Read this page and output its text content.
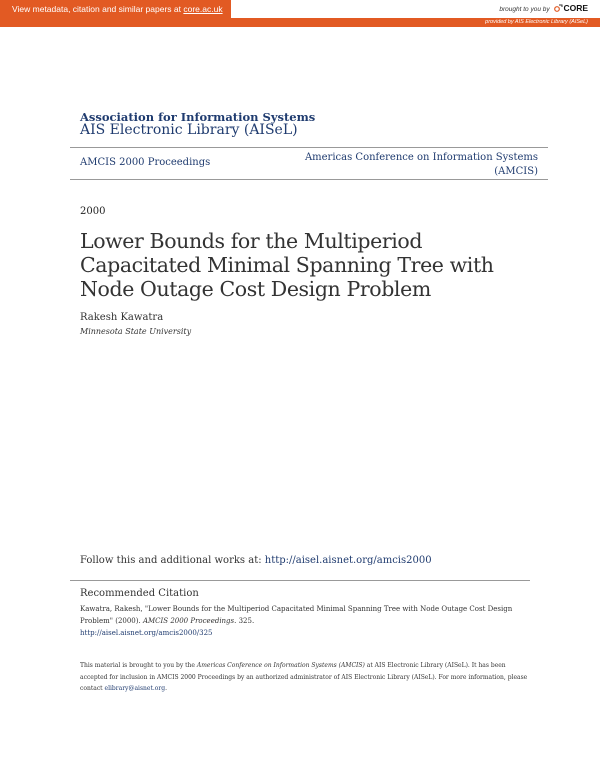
View metadata, citation and similar papers at core.ac.uk	brought to you by CORE
provided by AIS Electronic Library (AISeL)
Association for Information Systems
AIS Electronic Library (AISeL)
AMCIS 2000 Proceedings	Americas Conference on Information Systems
(AMCIS)
2000
Lower Bounds for the Multiperiod Capacitated Minimal Spanning Tree with Node Outage Cost Design Problem
Rakesh Kawatra
Minnesota State University
Follow this and additional works at: http://aisel.aisnet.org/amcis2000
Recommended Citation
Kawatra, Rakesh, "Lower Bounds for the Multiperiod Capacitated Minimal Spanning Tree with Node Outage Cost Design Problem" (2000). AMCIS 2000 Proceedings. 325.
http://aisel.aisnet.org/amcis2000/325
This material is brought to you by the Americas Conference on Information Systems (AMCIS) at AIS Electronic Library (AISeL). It has been accepted for inclusion in AMCIS 2000 Proceedings by an authorized administrator of AIS Electronic Library (AISeL). For more information, please contact elibrary@aisnet.org.
